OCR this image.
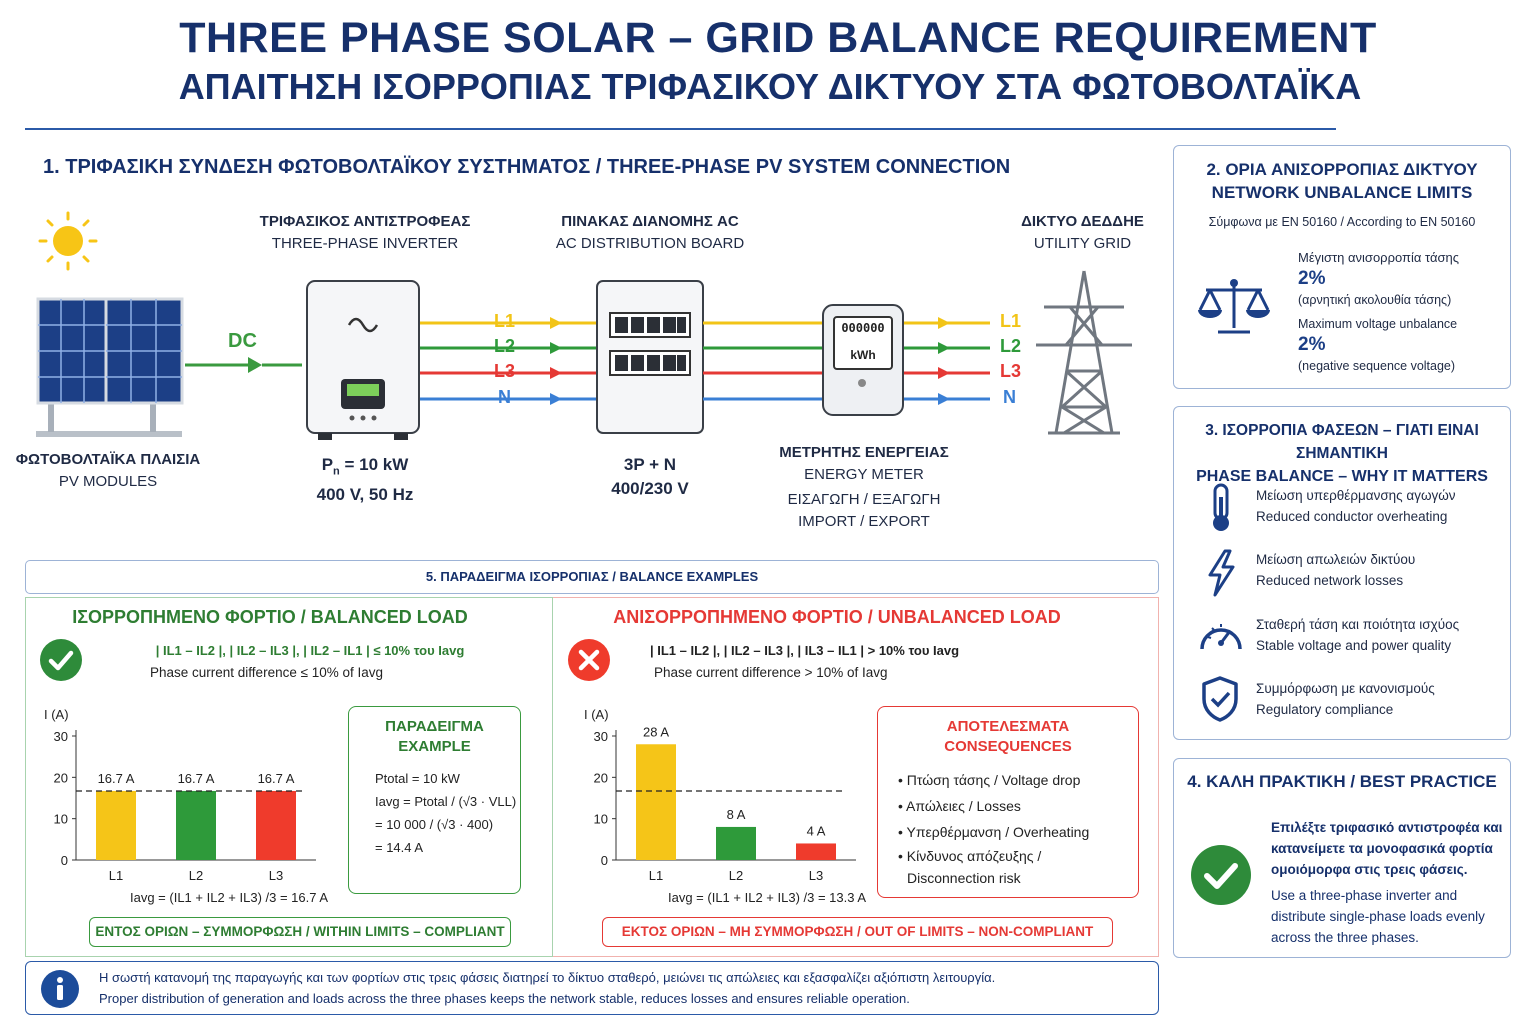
THREE PHASE SOLAR – GRID BALANCE REQUIREMENT
ΑΠΑΙΤΗΣΗ ΙΣΟΡΡΟΠΙΑΣ ΤΡΙΦΑΣΙΚΟΥ ΔΙΚΤΥΟΥ ΣΤΑ ΦΩΤΟΒΟΛΤΑΪΚΑ
1. ΤΡΙΦΑΣΙΚΗ ΣΥΝΔΕΣΗ ΦΩΤΟΒΟΛΤΑΪΚΟΥ ΣΥΣΤΗΜΑΤΟΣ / THREE-PHASE PV SYSTEM CONNECTION
DC
L1
L2
L3
N
L1
L2
L3
N
000000
kWh
ΤΡΙΦΑΣΙΚΟΣ ΑΝΤΙΣΤΡΟΦΕΑΣ
THREE-PHASE INVERTER
ΠΙΝΑΚΑΣ ΔΙΑΝΟΜΗΣ AC
AC DISTRIBUTION BOARD
ΔΙΚΤΥΟ ΔΕΔΔΗΕ
UTILITY GRID
ΦΩΤΟΒΟΛΤΑΪΚΑ ΠΛΑΙΣΙΑ
PV MODULES
$P_n = 10$ kW
400 V, 50 Hz
3P + N
400/230 V
ΜΕΤΡΗΤΗΣ ΕΝΕΡΓΕΙΑΣ
ENERGY METER
ΕΙΣΑΓΩΓΗ / ΕΞΑΓΩΓΗ
IMPORT / EXPORT
2. ΟΡΙΑ ΑΝΙΣΟΡΡΟΠΙΑΣ ΔΙΚΤΥΟΥ
NETWORK UNBALANCE LIMITS
Σύμφωνα με EN 50160 / According to EN 50160
Μέγιστη ανισορροπία τάσης
2%
(αρνητική ακολουθία τάσης)
Maximum voltage unbalance
2%
(negative sequence voltage)
3. ΙΣΟΡΡΟΠΙΑ ΦΑΣΕΩΝ – ΓΙΑΤΙ ΕΙΝΑΙ ΣΗΜΑΝΤΙΚΗ
PHASE BALANCE – WHY IT MATTERS
Μείωση υπερθέρμανσης αγωγών
Reduced conductor overheating
Μείωση απωλειών δικτύου
Reduced network losses
Σταθερή τάση και ποιότητα ισχύος
Stable voltage and power quality
Συμμόρφωση με κανονισμούς
Regulatory compliance
4. ΚΑΛΗ ΠΡΑΚΤΙΚΗ / BEST PRACTICE
Επιλέξτε τριφασικό αντιστροφέα και κατανείμετε τα μονοφασικά φορτία ομοιόμορφα στις τρεις φάσεις.
Use a three-phase inverter and distribute single-phase loads evenly across the three phases.
5. ΠΑΡΑΔΕΙΓΜΑ ΙΣΟΡΡΟΠΙΑΣ / BALANCE EXAMPLES
ΙΣΟΡΡΟΠΗΜΕΝΟ ΦΟΡΤΙΟ / BALANCED LOAD
| IL1 – IL2 |, | IL2 – IL3 |, | IL2 – IL1 | ≤ 10% του Iavg
Phase current difference ≤ 10% of Iavg
I (A)
0
10
20
30
16.7 A
L1
16.7 A
L2
16.7 A
L3
Iavg = (IL1 + IL2 + IL3) /3 = 16.7 A
ΕΝΤΟΣ ΟΡΙΩΝ – ΣΥΜΜΟΡΦΩΣΗ / WITHIN LIMITS – COMPLIANT
ΠΑΡΑΔΕΙΓΜΑ
EXAMPLE
Ptotal = 10 kW
Iavg = Ptotal / (√3 · VLL)
= 10 000 / (√3 · 400)
= 14.4 A
ΑΝΙΣΟΡΡΟΠΗΜΕΝΟ ΦΟΡΤΙΟ / UNBALANCED LOAD
| IL1 – IL2 |, | IL2 – IL3 |, | IL3 – IL1 | > 10% του Iavg
Phase current difference > 10% of Iavg
I (A)
0
10
20
30	28 A
L1
8 A
L2
4 A
L3
Iavg = (IL1 + IL2 + IL3) /3 = 13.3 A
ΕΚΤΟΣ ΟΡΙΩΝ – ΜΗ ΣΥΜΜΟΡΦΩΣΗ / OUT OF LIMITS – NON-COMPLIANT
ΑΠΟΤΕΛΕΣΜΑΤΑ
CONSEQUENCES
• Πτώση τάσης / Voltage drop
• Απώλειες / Losses
• Υπερθέρμανση / Overheating
• Κίνδυνος απόζευξης /
Disconnection risk
Η σωστή κατανομή της παραγωγής και των φορτίων στις τρεις φάσεις διατηρεί το δίκτυο σταθερό, μειώνει τις απώλειες και εξασφαλίζει αξιόπιστη λειτουργία.
Proper distribution of generation and loads across the three phases keeps the network stable, reduces losses and ensures reliable operation.
